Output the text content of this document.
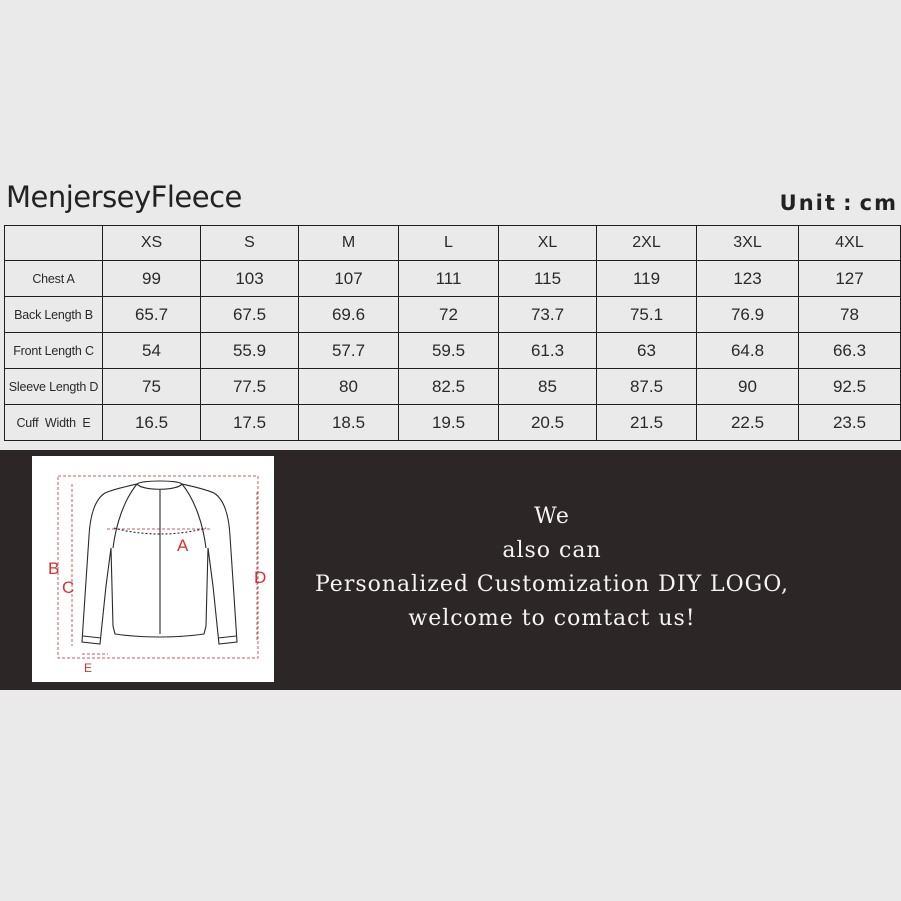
MenjerseyFleece	Unit : cm
	XS	S	M	L	XL	2XL	3XL	4XL
Chest A	99	103	107	111	115	119	123	127
Back Length B	65.7	67.5	69.6	72	73.7	75.1	76.9	78
Front Length C	54	55.9	57.7	59.5	61.3	63	64.8	66.3
Sleeve Length D	75	77.5	80	82.5	85	87.5	90	92.5
Cuff  Width  E	16.5	17.5	18.5	19.5	20.5	21.5	22.5	23.5
A
B
C
D
E
We
also can
Personalized Customization DIY LOGO,
welcome to comtact us!
